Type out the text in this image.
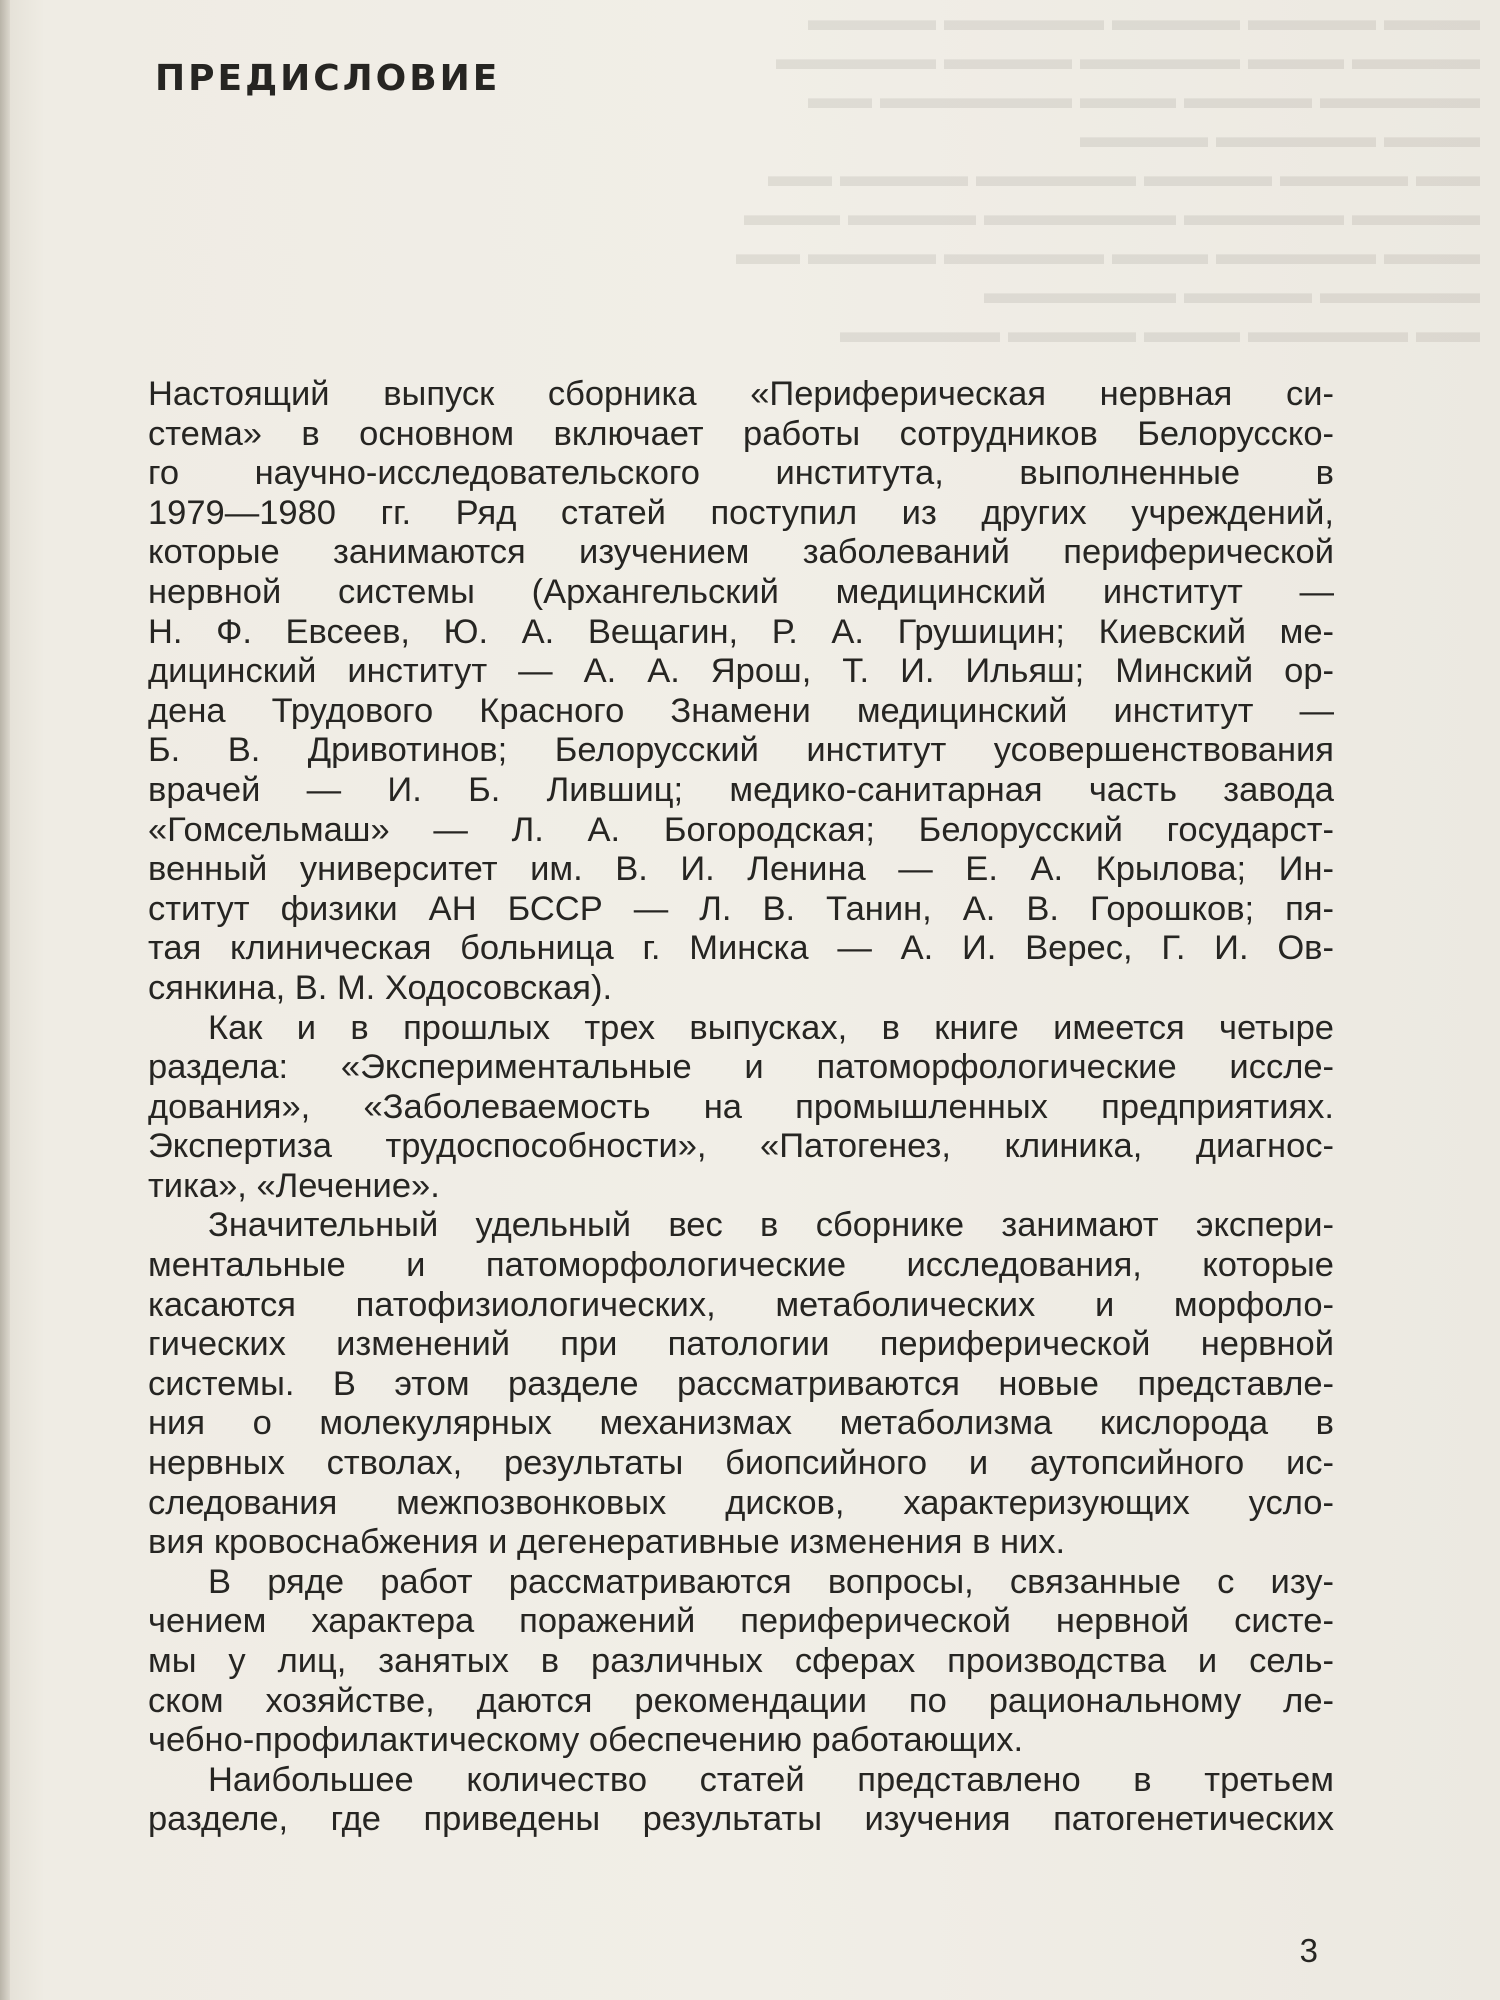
▬▬▬ ▬▬▬▬ ▬▬▬▬ ▬▬▬▬▬ ▬▬▬▬
▬▬▬▬ ▬▬▬ ▬▬▬▬▬ ▬▬▬▬ ▬▬▬▬▬
▬▬▬▬▬ ▬▬▬▬ ▬▬▬ ▬▬▬▬▬▬ ▬▬
▬▬▬ ▬▬▬▬▬ ▬▬▬▬
▬▬ ▬▬▬▬ ▬▬▬▬ ▬▬▬▬▬ ▬▬▬▬ ▬▬
▬▬▬▬ ▬▬▬▬▬ ▬▬▬▬▬▬ ▬▬▬▬ ▬▬▬
▬▬▬ ▬▬▬▬▬ ▬▬▬ ▬▬▬▬▬ ▬▬▬▬ ▬▬
▬▬▬▬▬ ▬▬▬▬ ▬▬▬▬▬▬
▬▬ ▬▬▬▬▬ ▬▬▬ ▬▬▬▬ ▬▬▬▬▬
ПРЕДИСЛОВИЕ

Настоящий выпуск сборника «Периферическая нервная си-
стема» в основном включает работы сотрудников Белорусско-
го научно-исследовательского института, выполненные в
1979—1980 гг. Ряд статей поступил из других учреждений,
которые занимаются изучением заболеваний периферической
нервной системы (Архангельский медицинский институт —
Н. Ф. Евсеев, Ю. А. Вещагин, Р. А. Грушицин; Киевский ме-
дицинский институт — А. А. Ярош, Т. И. Ильяш; Минский ор-
дена Трудового Красного Знамени медицинский институт —
Б. В. Дривотинов; Белорусский институт усовершенствования
врачей — И. Б. Лившиц; медико-санитарная часть завода
«Гомсельмаш» — Л. А. Богородская; Белорусский государст-
венный университет им. В. И. Ленина — Е. А. Крылова; Ин-
ститут физики АН БССР — Л. В. Танин, А. В. Горошков; пя-
тая клиническая больница г. Минска — А. И. Верес, Г. И. Ов-
сянкина, В. М. Ходосовская).

Как и в прошлых трех выпусках, в книге имеется четыре
раздела: «Экспериментальные и патоморфологические иссле-
дования», «Заболеваемость на промышленных предприятиях.
Экспертиза трудоспособности», «Патогенез, клиника, диагнос-
тика», «Лечение».

Значительный удельный вес в сборнике занимают экспери-
ментальные и патоморфологические исследования, которые
касаются патофизиологических, метаболических и морфоло-
гических изменений при патологии периферической нервной
системы. В этом разделе рассматриваются новые представле-
ния о молекулярных механизмах метаболизма кислорода в
нервных стволах, результаты биопсийного и аутопсийного ис-
следования межпозвонковых дисков, характеризующих усло-
вия кровоснабжения и дегенеративные изменения в них.

В ряде работ рассматриваются вопросы, связанные с изу-
чением характера поражений периферической нервной систе-
мы у лиц, занятых в различных сферах производства и сель-
ском хозяйстве, даются рекомендации по рациональному ле-
чебно-профилактическому обеспечению работающих.

Наибольшее количество статей представлено в третьем
разделе, где приведены результаты изучения патогенетических

3
